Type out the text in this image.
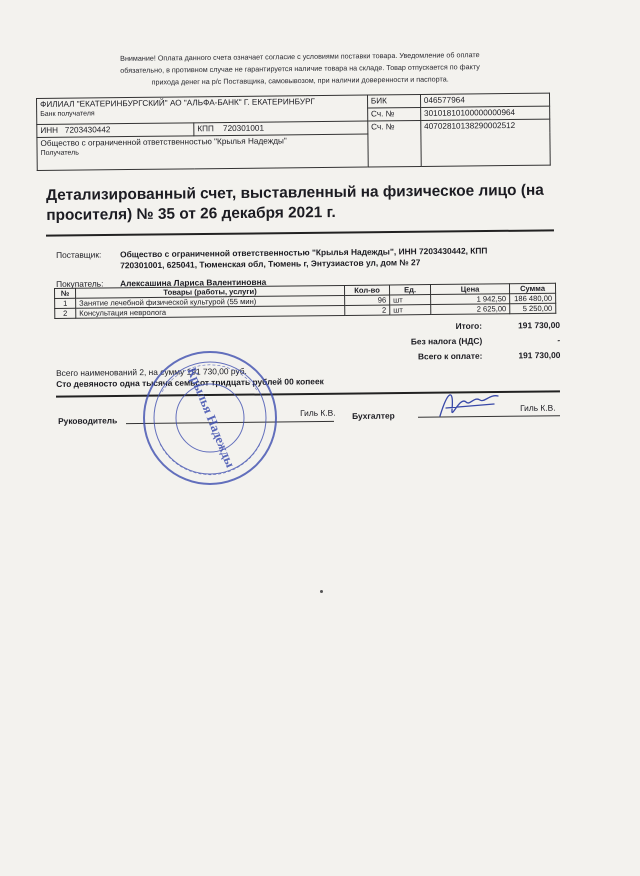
Внимание! Оплата данного счета означает согласие с условиями поставки товара. Уведомление об оплате
обязательно, в противном случае не гарантируется наличие товара на складе. Товар отпускается по факту
прихода денег на р/с Поставщика, самовывозом, при наличии доверенности и паспорта.
ФИЛИАЛ "ЕКАТЕРИНБУРГСКИЙ" АО "АЛЬФА-БАНК" Г. ЕКАТЕРИНБУРГ
Банк получателя		БИК	046577964
		Сч. №	30101810100000000964
ИНН 7203430442	КПП 720301001	Сч. №	40702810138290002512

Общество с ограниченной ответственностью "Крылья Надежды"
Получатель			
Детализированный счет, выставленный на физическое лицо (на просителя) № 35 от 26 декабря 2021 г.
Поставщик: Общество с ограниченной ответственностью "Крылья Надежды", ИНН 7203430442, КПП 720301001, 625041, Тюменская обл, Тюмень г, Энтузиастов ул, дом № 27
Покупатель: Алексашина Лариса Валентиновна
№	Товары (работы, услуги)	Кол-во	Ед.	Цена	Сумма
1	Занятие лечебной физической культурой (55 мин)	96	шт	1 942,50	186 480,00
2	Консультация невролога	2	шт	2 625,00	5 250,00
Итого:	191 730,00
Без налога (НДС)	-
Всего к оплате:	191 730,00
Всего наименований 2, на сумму 191 730,00 руб.
Сто девяносто одна тысяча семьсот тридцать рублей 00 копеек
Руководитель
Гиль К.В. Бухгалтер
Гиль К.В.
Крылья Надежды
